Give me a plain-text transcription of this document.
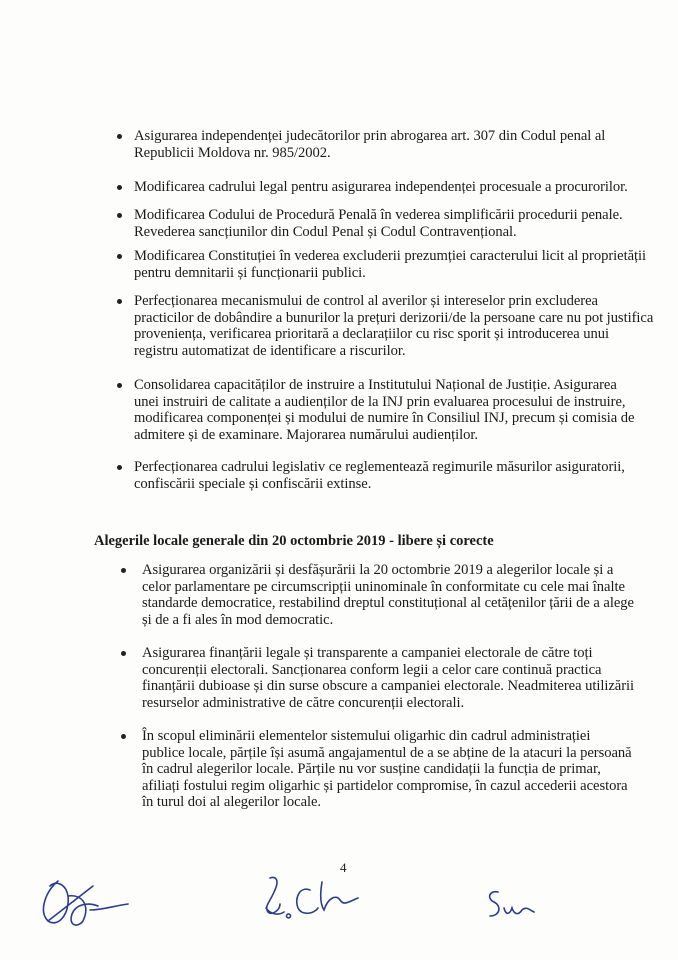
Asigurarea independenței judecătorilor prin abrogarea art. 307 din Codul penal al Republicii Moldova nr. 985/2002.
Modificarea cadrului legal pentru asigurarea independenței procesuale a procurorilor.
Modificarea Codului de Procedură Penală în vederea simplificării procedurii penale. Revederea sancțiunilor din Codul Penal și Codul Contravențional.
Modificarea Constituției în vederea excluderii prezumției caracterului licit al proprietății pentru demnitarii și funcționarii publici.
Perfecționarea mecanismului de control al averilor și intereselor prin excluderea practicilor de dobândire a bunurilor la prețuri derizorii/de la persoane care nu pot justifica proveniența, verificarea prioritară a declarațiilor cu risc sporit și introducerea unui registru automatizat de identificare a riscurilor.
Consolidarea capacităților de instruire a Institutului Național de Justiție. Asigurarea unei instruiri de calitate a audienților de la INJ prin evaluarea procesului de instruire, modificarea componenței și modului de numire în Consiliul INJ, precum și comisia de admitere și de examinare. Majorarea numărului audienților.
Perfecționarea cadrului legislativ ce reglementează regimurile măsurilor asiguratorii, confiscării speciale și confiscării extinse.
Alegerile locale generale din 20 octombrie 2019 - libere și corecte
Asigurarea organizării și desfășurării la 20 octombrie 2019 a alegerilor locale și a celor parlamentare pe circumscripții uninominale în conformitate cu cele mai înalte standarde democratice, restabilind dreptul constituțional al cetățenilor țării de a alege și de a fi ales în mod democratic.
Asigurarea finanțării legale și transparente a campaniei electorale de către toți concurenții electorali. Sancționarea conform legii a celor care continuă practica finanțării dubioase și din surse obscure a campaniei electorale. Neadmiterea utilizării resurselor administrative de către concurenții electorali.
În scopul eliminării elementelor sistemului oligarhic din cadrul administrației publice locale, părțile își asumă angajamentul de a se abține de la atacuri la persoană în cadrul alegerilor locale. Părțile nu vor susține candidații la funcția de primar, afiliați fostului regim oligarhic și partidelor compromise, în cazul accederii acestora în turul doi al alegerilor locale.
4
